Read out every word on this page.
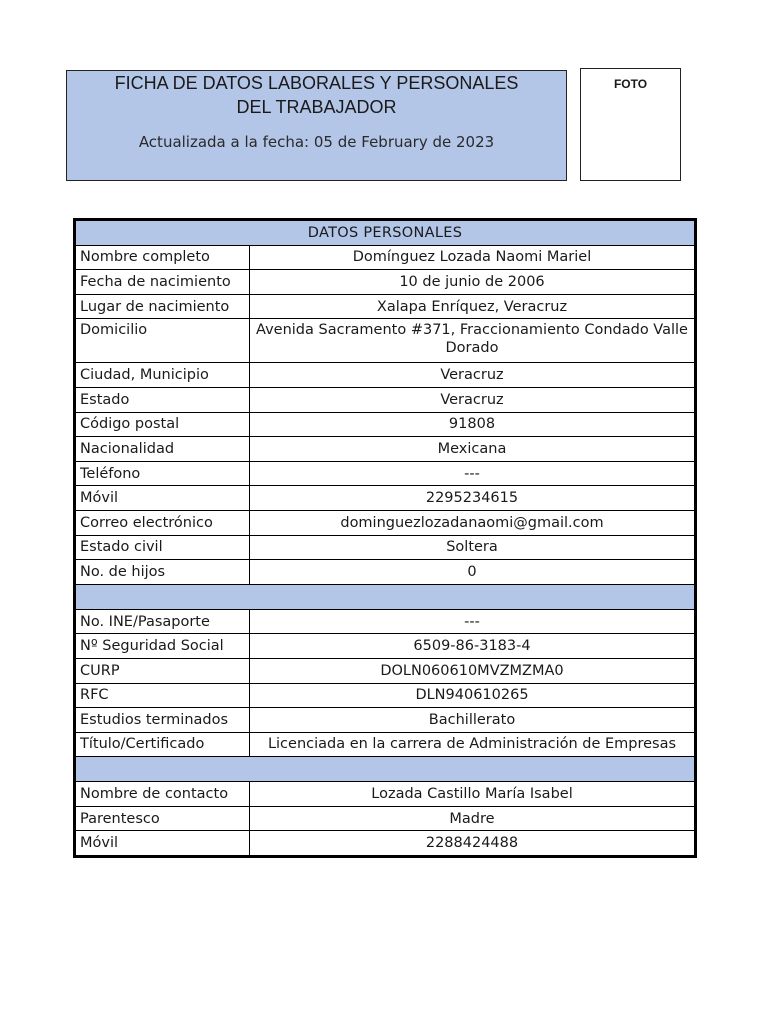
FICHA DE DATOS LABORALES Y PERSONALES DEL TRABAJADOR
Actualizada a la fecha: 05 de February de 2023
FOTO
DATOS PERSONALES	
Nombre completo	Domínguez Lozada Naomi Mariel
Fecha de nacimiento	10 de junio de 2006
Lugar de nacimiento	Xalapa Enríquez, Veracruz
Domicilio	Avenida Sacramento #371, Fraccionamiento Condado Valle Dorado
Ciudad, Municipio	Veracruz
Estado	Veracruz
Código postal	91808
Nacionalidad	Mexicana
Teléfono	---
Móvil	2295234615
Correo electrónico	dominguezlozadanaomi@gmail.com
Estado civil	Soltera
No. de hijos	0

No. INE/Pasaporte	---
Nº Seguridad Social	6509-86-3183-4
CURP	DOLN060610MVZMZMA0
RFC	DLN940610265
Estudios terminados	Bachillerato
Título/Certificado	Licenciada en la carrera de Administración de Empresas

Nombre de contacto	Lozada Castillo María Isabel
Parentesco	Madre
Móvil	2288424488
